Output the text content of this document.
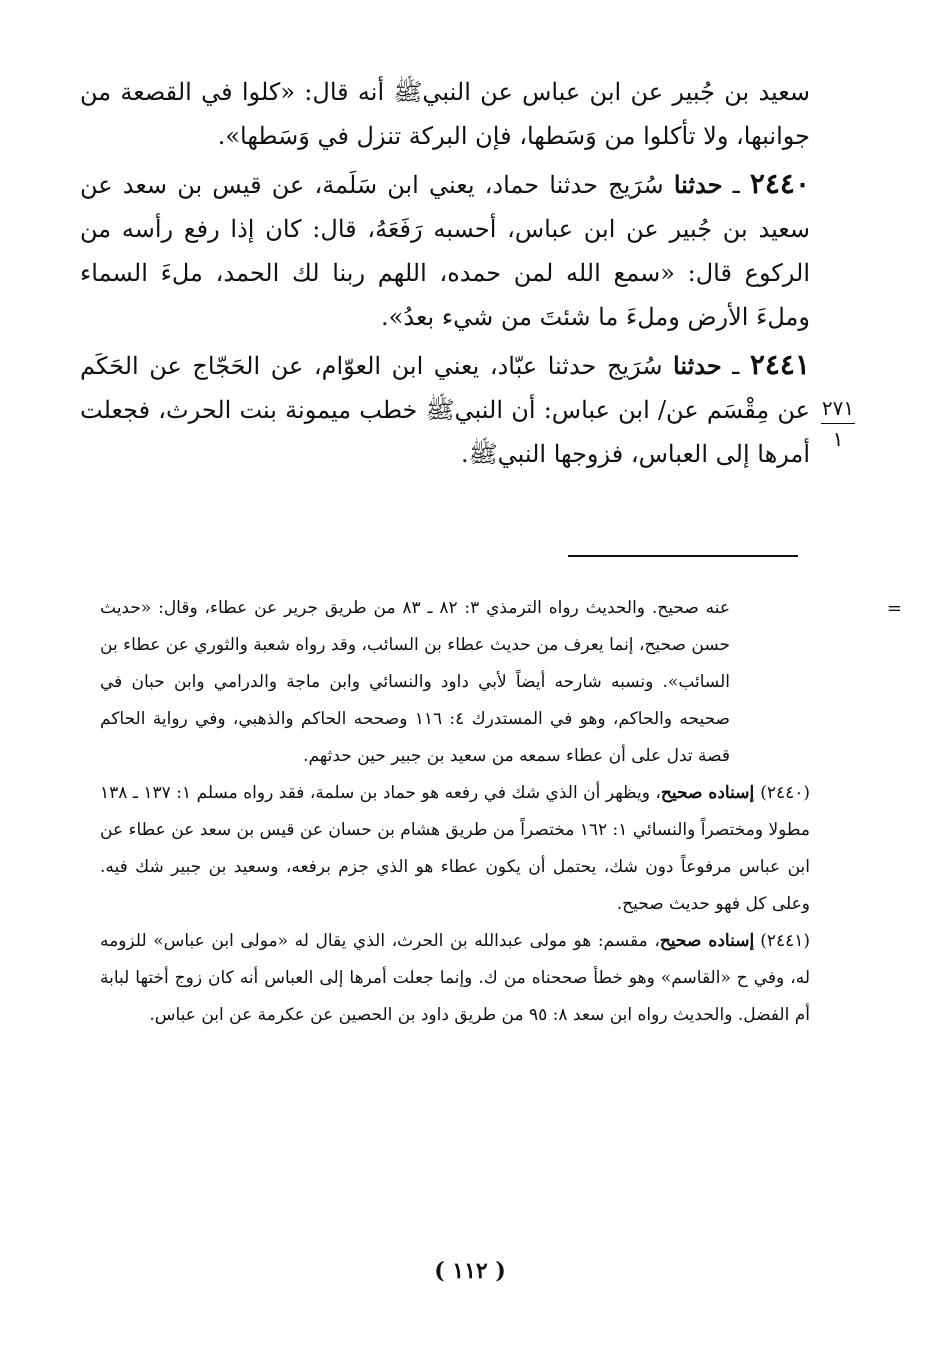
سعيد بن جُبير عن ابن عباس عن النبيﷺ أنه قال: «كلوا في القصعة من جوانبها، ولا تأكلوا من وَسَطها، فإن البركة تنزل في وَسَطها».

٢٤٤٠ ـ حدثنا سُرَيج حدثنا حماد، يعني ابن سَلَمة، عن قيس بن سعد عن سعيد بن جُبير عن ابن عباس، أحسبه رَفَعَهُ، قال: كان إذا رفع رأسه من الركوع قال: «سمع الله لمن حمده، اللهم ربنا لك الحمد، ملءَ السماء وملءَ الأرض وملءَ ما شئتَ من شيء بعدُ».

٢٤٤١ ـ حدثنا سُرَيج حدثنا عبّاد، يعني ابن العوّام، عن الحَجّاج عن الحَكَم عن مِقْسَم عن/ ابن عباس: أن النبيﷺ خطب ميمونة بنت الحرث، فجعلت أمرها إلى العباس، فزوجها النبيﷺ.

٢٧١
١

=
عنه صحيح. والحديث رواه الترمذي ٣: ٨٢ ـ ٨٣ من طريق جرير عن عطاء، وقال: «حديث حسن صحيح، إنما يعرف من حديث عطاء بن السائب، وقد رواه شعبة والثوري عن عطاء بن السائب». ونسبه شارحه أيضاً لأبي داود والنسائي وابن ماجة والدرامي وابن حبان في صحيحه والحاكم، وهو في المستدرك ٤: ١١٦ وصححه الحاكم والذهبي، وفي رواية الحاكم قصة تدل على أن عطاء سمعه من سعيد بن جبير حين حدثهم.

(٢٤٤٠)إسناده صحيح، ويظهر أن الذي شك في رفعه هو حماد بن سلمة، فقد رواه مسلم ١: ١٣٧ ـ ١٣٨ مطولا ومختصراً والنسائي ١: ١٦٢ مختصراً من طريق هشام بن حسان عن قيس بن سعد عن عطاء عن ابن عباس مرفوعاً دون شك، يحتمل أن يكون عطاء هو الذي جزم برفعه، وسعيد بن جبير شك فيه. وعلى كل فهو حديث صحيح.

(٢٤٤١)إسناده صحيح، مقسم: هو مولى عبدالله بن الحرث، الذي يقال له «مولى ابن عباس» للزومه له، وفي ح «القاسم» وهو خطأ صححناه من ك. وإنما جعلت أمرها إلى العباس أنه كان زوج أختها لبابة أم الفضل. والحديث رواه ابن سعد ٨: ٩٥ من طريق داود بن الحصين عن عكرمة عن ابن عباس.

( ١١٢ )
